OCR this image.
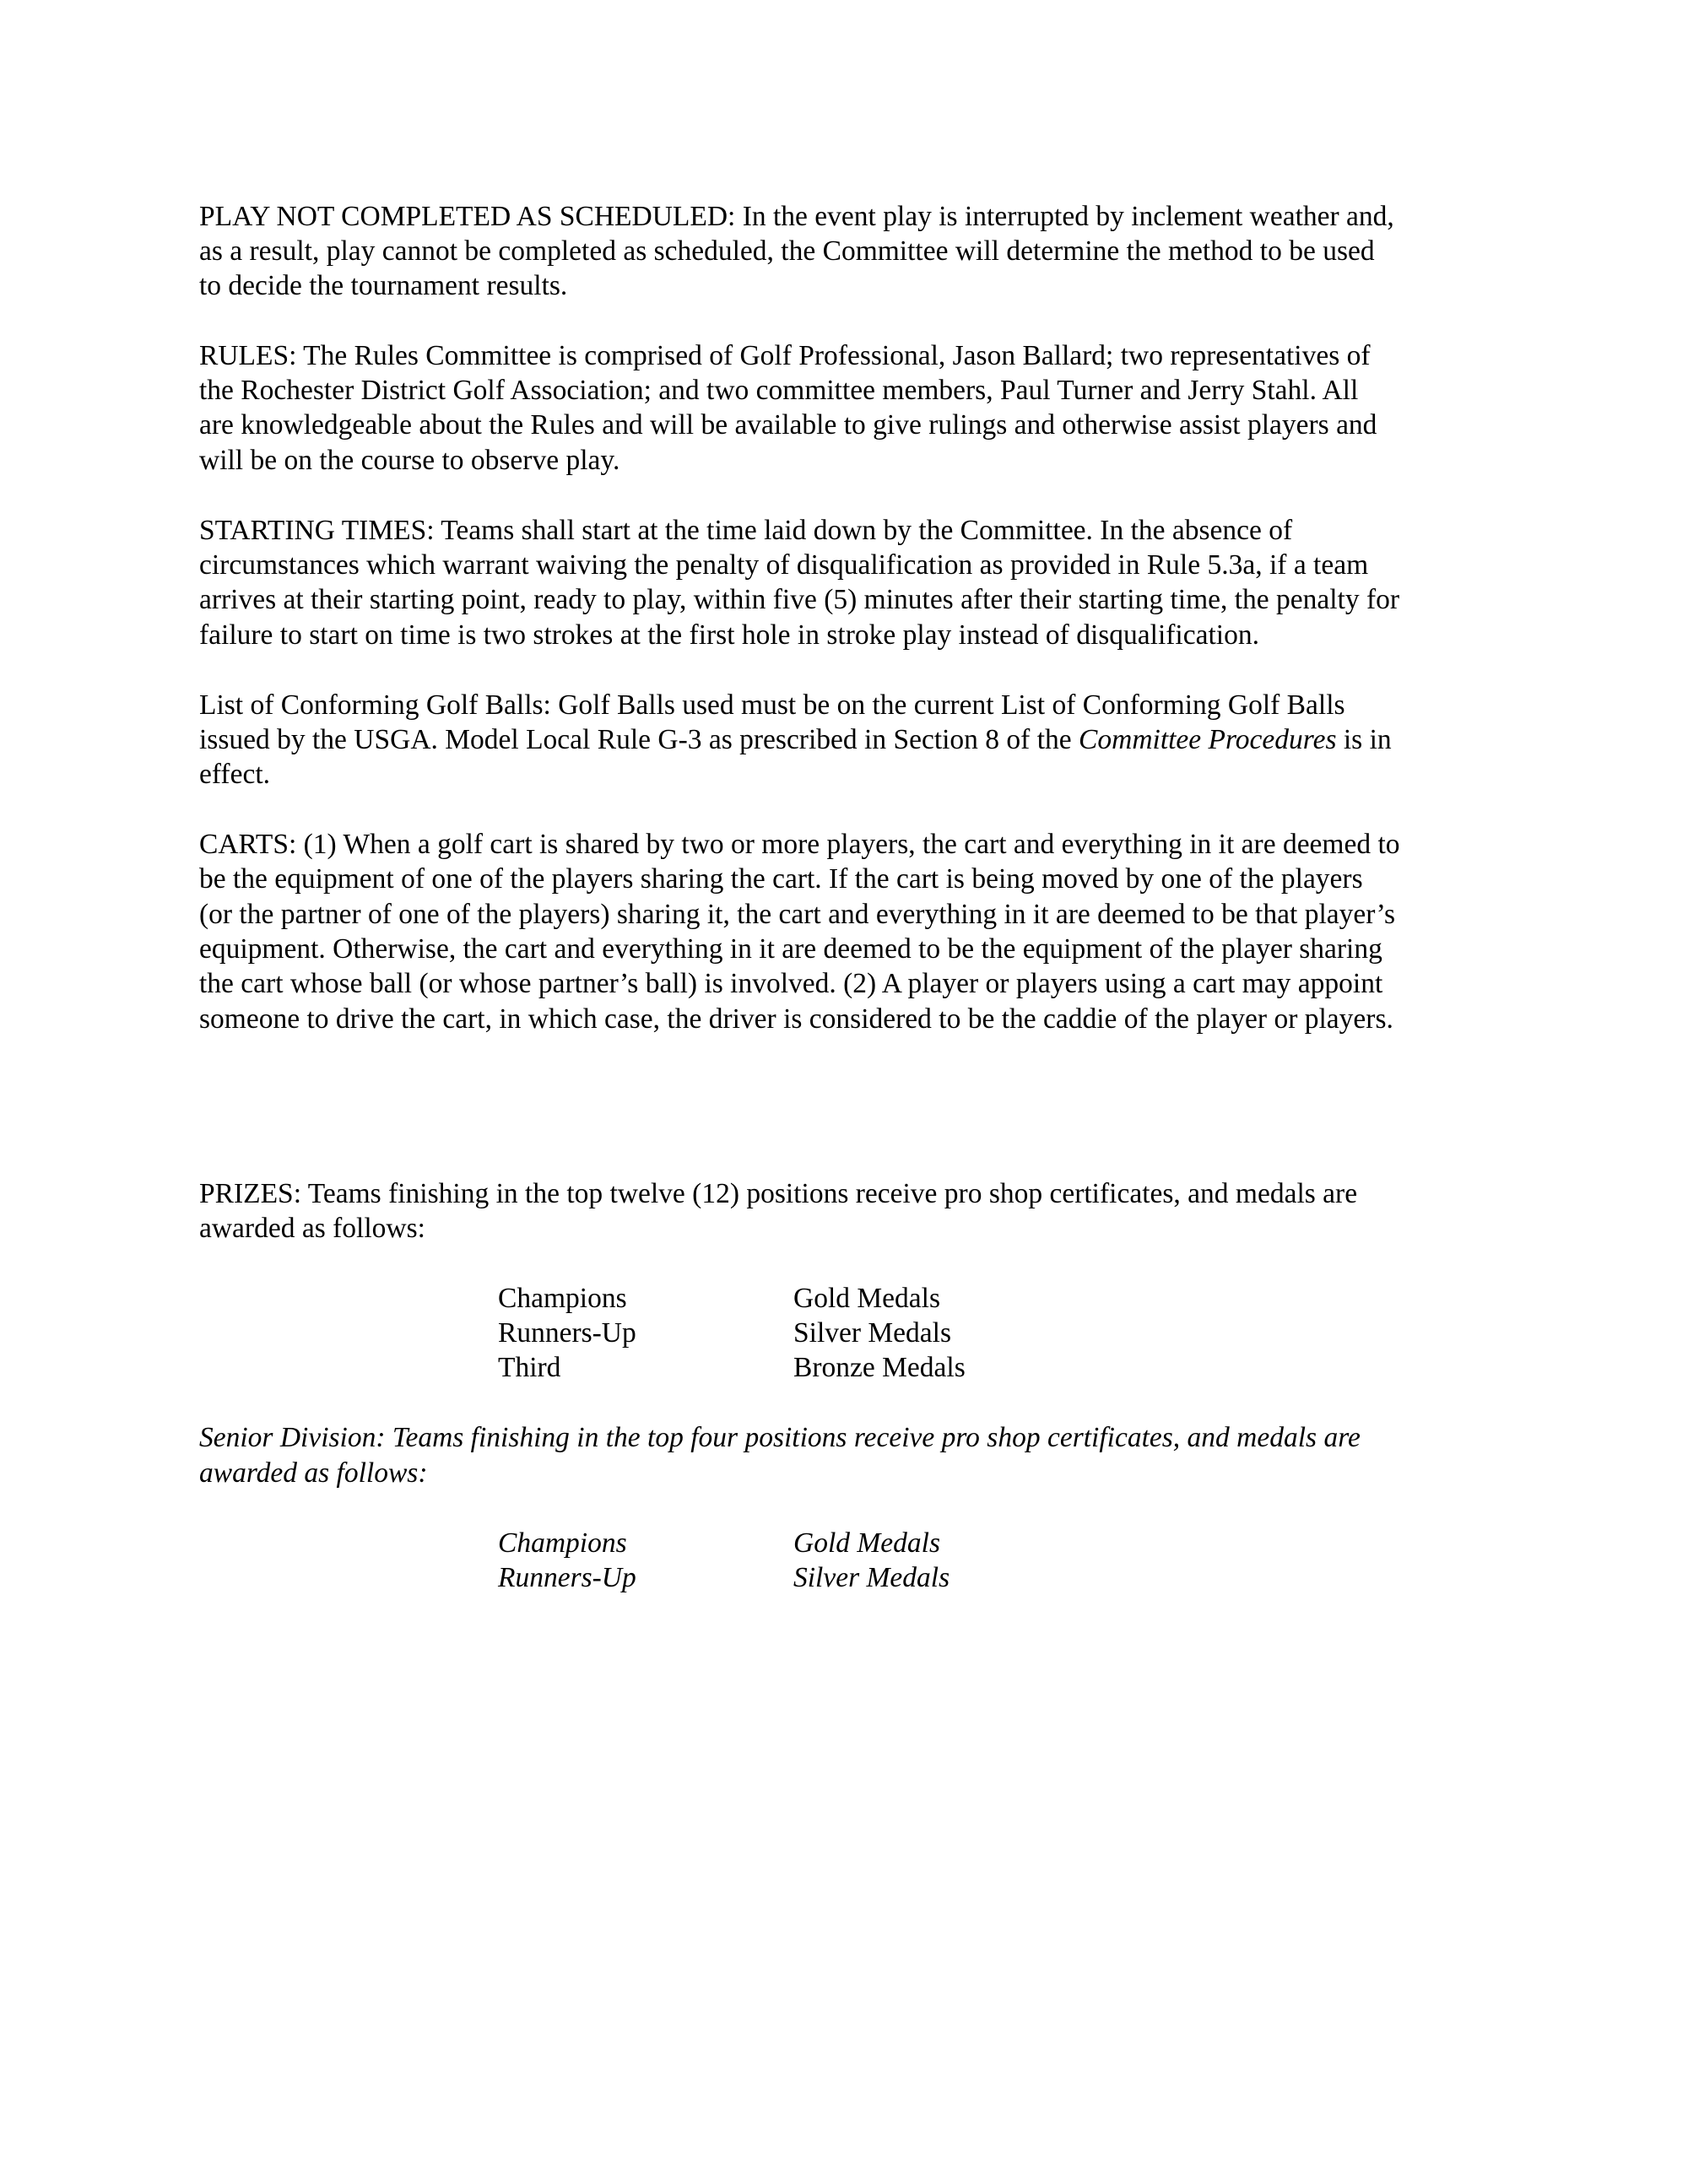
PLAY NOT COMPLETED AS SCHEDULED: In the event play is interrupted by inclement weather and,
as a result, play cannot be completed as scheduled, the Committee will determine the method to be used
to decide the tournament results.
RULES: The Rules Committee is comprised of Golf Professional, Jason Ballard; two representatives of
the Rochester District Golf Association; and two committee members, Paul Turner and Jerry Stahl. All
are knowledgeable about the Rules and will be available to give rulings and otherwise assist players and
will be on the course to observe play.
STARTING TIMES: Teams shall start at the time laid down by the Committee. In the absence of
circumstances which warrant waiving the penalty of disqualification as provided in Rule 5.3a, if a team
arrives at their starting point, ready to play, within five (5) minutes after their starting time, the penalty for
failure to start on time is two strokes at the first hole in stroke play instead of disqualification.
List of Conforming Golf Balls: Golf Balls used must be on the current List of Conforming Golf Balls
issued by the USGA. Model Local Rule G-3 as prescribed in Section 8 of the Committee Procedures is in
effect.
CARTS: (1) When a golf cart is shared by two or more players, the cart and everything in it are deemed to
be the equipment of one of the players sharing the cart. If the cart is being moved by one of the players
(or the partner of one of the players) sharing it, the cart and everything in it are deemed to be that player’s
equipment. Otherwise, the cart and everything in it are deemed to be the equipment of the player sharing
the cart whose ball (or whose partner’s ball) is involved. (2) A player or players using a cart may appoint
someone to drive the cart, in which case, the driver is considered to be the caddie of the player or players.
PRIZES: Teams finishing in the top twelve (12) positions receive pro shop certificates, and medals are
awarded as follows:
Champions	Gold Medals
Runners-Up	Silver Medals
Third	Bronze Medals
Senior Division: Teams finishing in the top four positions receive pro shop certificates, and medals are
awarded as follows:
Champions	Gold Medals
Runners-Up	Silver Medals
